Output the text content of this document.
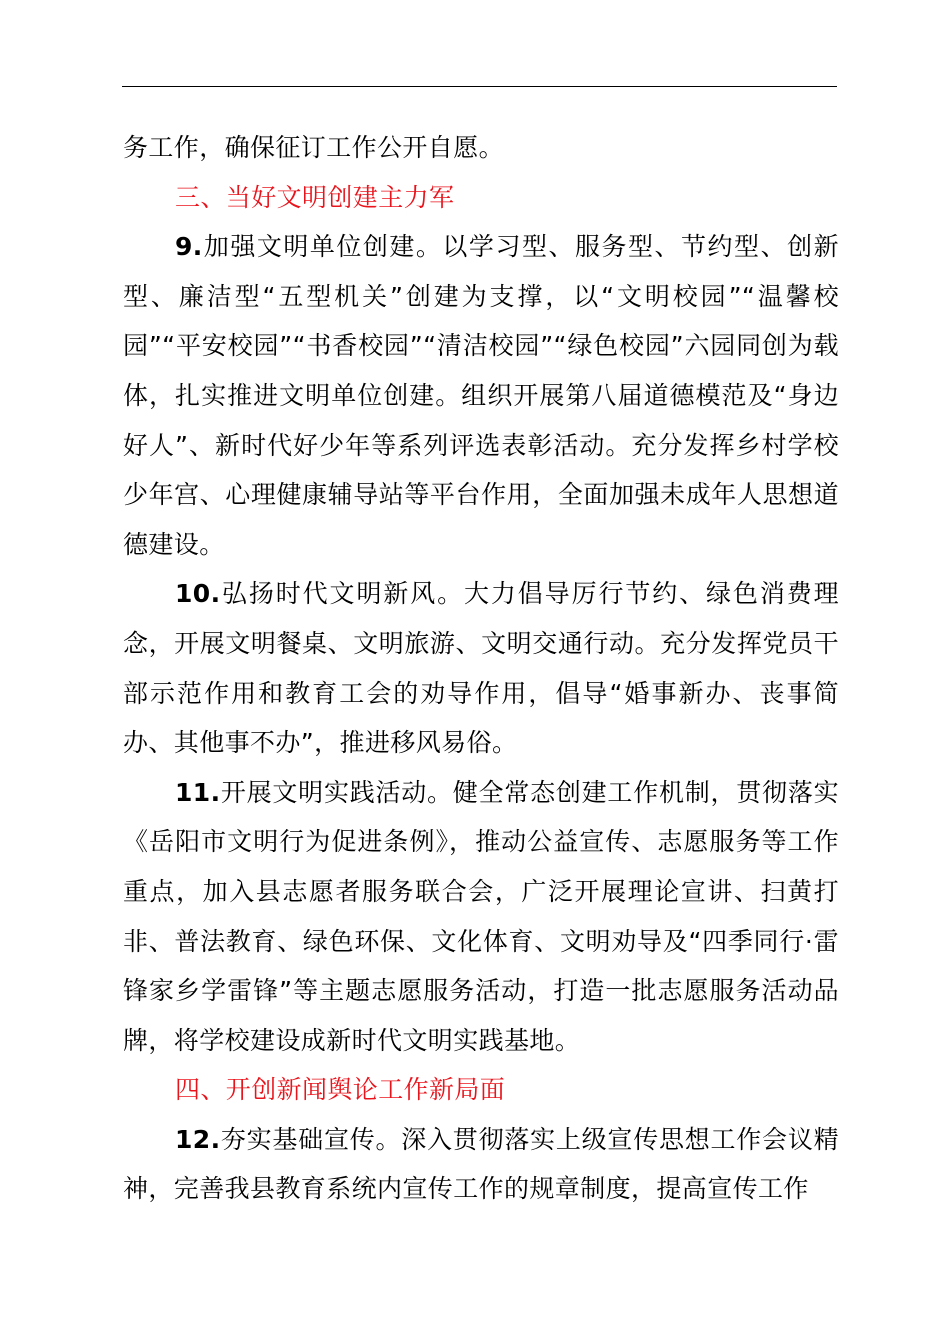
务工作，确保征订工作公开自愿。

三、当好文明创建主力军

9.加强文明单位创建。以学习型、服务型、节约型、创新型、廉洁型“五型机关”创建为支撑，以“文明校园”“温馨校园”“平安校园”“书香校园”“清洁校园”“绿色校园”六园同创为载体，扎实推进文明单位创建。组织开展第八届道德模范及“身边好人”、新时代好少年等系列评选表彰活动。充分发挥乡村学校少年宫、心理健康辅导站等平台作用，全面加强未成年人思想道德建设。

10.弘扬时代文明新风。大力倡导厉行节约、绿色消费理念，开展文明餐桌、文明旅游、文明交通行动。充分发挥党员干部示范作用和教育工会的劝导作用，倡导“婚事新办、丧事简办、其他事不办”，推进移风易俗。

11.开展文明实践活动。健全常态创建工作机制，贯彻落实《岳阳市文明行为促进条例》，推动公益宣传、志愿服务等工作重点，加入县志愿者服务联合会，广泛开展理论宣讲、扫黄打非、普法教育、绿色环保、文化体育、文明劝导及“四季同行·雷锋家乡学雷锋”等主题志愿服务活动，打造一批志愿服务活动品牌，将学校建设成新时代文明实践基地。

四、开创新闻舆论工作新局面

12.夯实基础宣传。深入贯彻落实上级宣传思想工作会议精神，完善我县教育系统内宣传工作的规章制度，提高宣传工作
